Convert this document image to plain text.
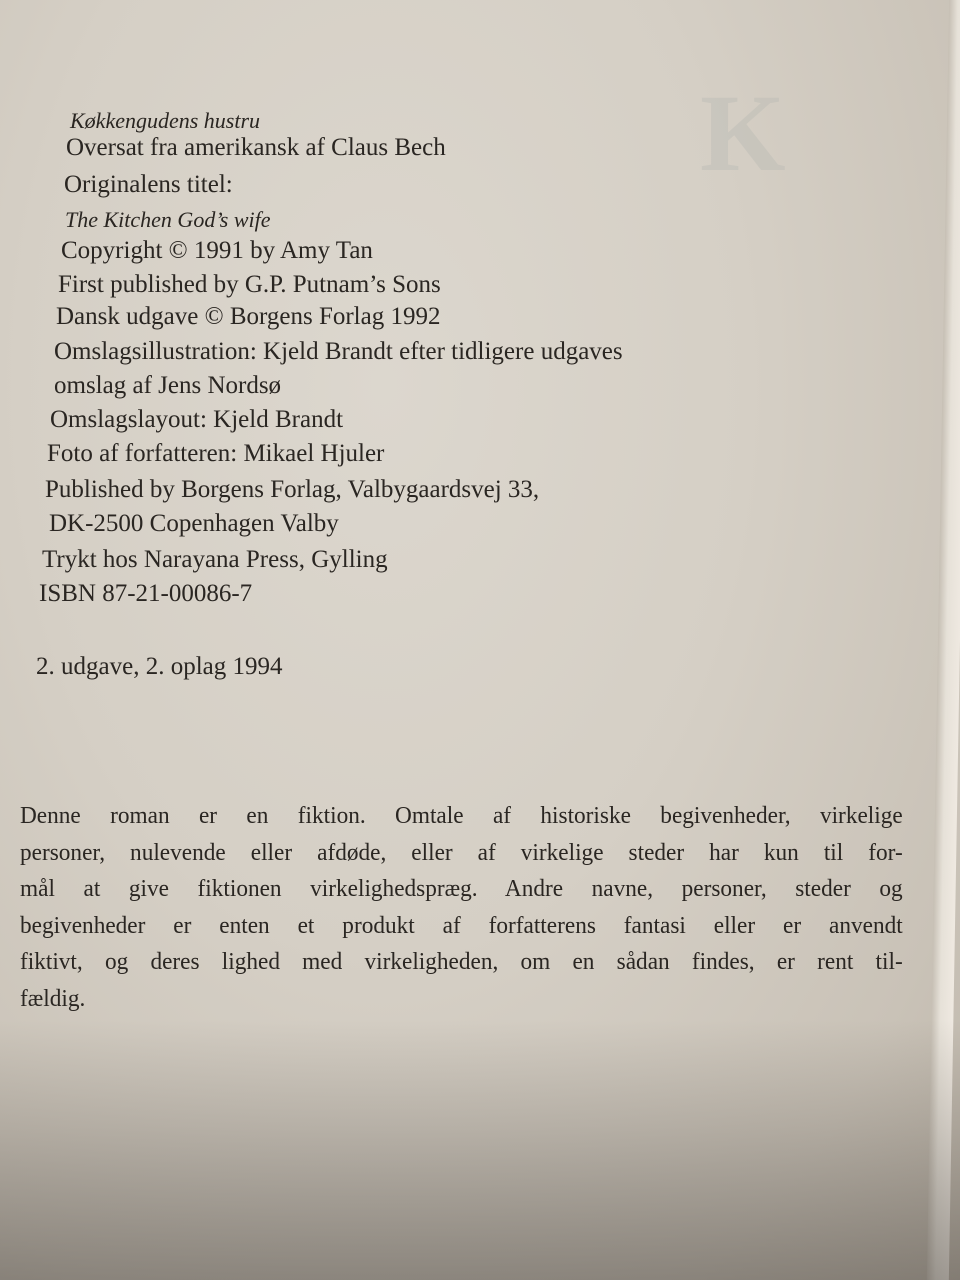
K
Køkkengudens hustru
Oversat fra amerikansk af Claus Bech
Originalens titel:
The Kitchen God’s wife
Copyright © 1991 by Amy Tan
First published by G.P. Putnam’s Sons
Dansk udgave © Borgens Forlag 1992
Omslagsillustration: Kjeld Brandt efter tidligere udgaves
omslag af Jens Nordsø
Omslagslayout: Kjeld Brandt
Foto af forfatteren: Mikael Hjuler
Published by Borgens Forlag, Valbygaardsvej 33,
DK-2500 Copenhagen Valby
Trykt hos Narayana Press, Gylling
ISBN 87-21-00086-7
2. udgave, 2. oplag 1994
Denne roman er en fiktion. Omtale af historiske begivenheder, virkelige
personer, nulevende eller afdøde, eller af virkelige steder har kun til for-
mål at give fiktionen virkelighedspræg. Andre navne, personer, steder og
begivenheder er enten et produkt af forfatterens fantasi eller er anvendt
fiktivt, og deres lighed med virkeligheden, om en sådan findes, er rent til-
fældig.
